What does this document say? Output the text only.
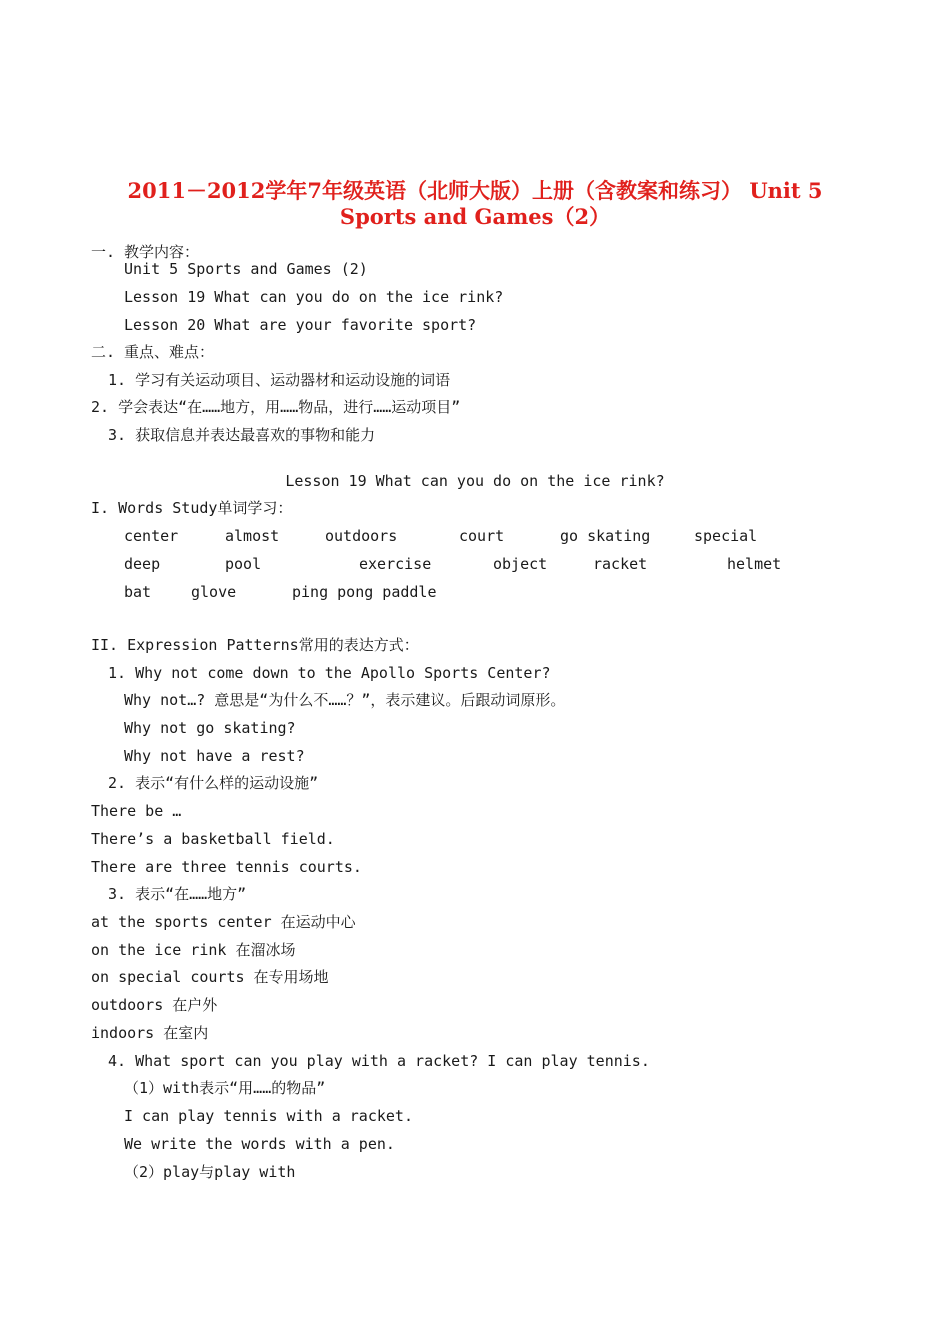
2011－2012学年7年级英语（北师大版）上册（含教案和练习） Unit 5
Sports and Games（2）
一. 教学内容：
Unit 5 Sports and Games (2)
Lesson 19 What can you do on the ice rink?
Lesson 20 What are your favorite sport?
二. 重点、难点：
1. 学习有关运动项目、运动器材和运动设施的词语
2. 学会表达“在……地方，用……物品，进行……运动项目”
3. 获取信息并表达最喜欢的事物和能力
Lesson 19 What can you do on the ice rink?
I. Words Study单词学习：
center	almost	outdoors	court	go skating	special
deep	pool	exercise	object	racket	helmet
bat	glove	ping pong paddle
II. Expression Patterns常用的表达方式：
1. Why not come down to the Apollo Sports Center?
Why not…? 意思是“为什么不……？”，表示建议。后跟动词原形。
Why not go skating?
Why not have a rest?
2. 表示“有什么样的运动设施”
There be …
There’s a basketball field.
There are three tennis courts.
3. 表示“在……地方”
at the sports center 在运动中心
on the ice rink 在溜冰场
on special courts 在专用场地
outdoors 在户外
indoors 在室内
4. What sport can you play with a racket? I can play tennis.
（1）with表示“用……的物品”
I can play tennis with a racket.
We write the words with a pen.
（2）play与play with
